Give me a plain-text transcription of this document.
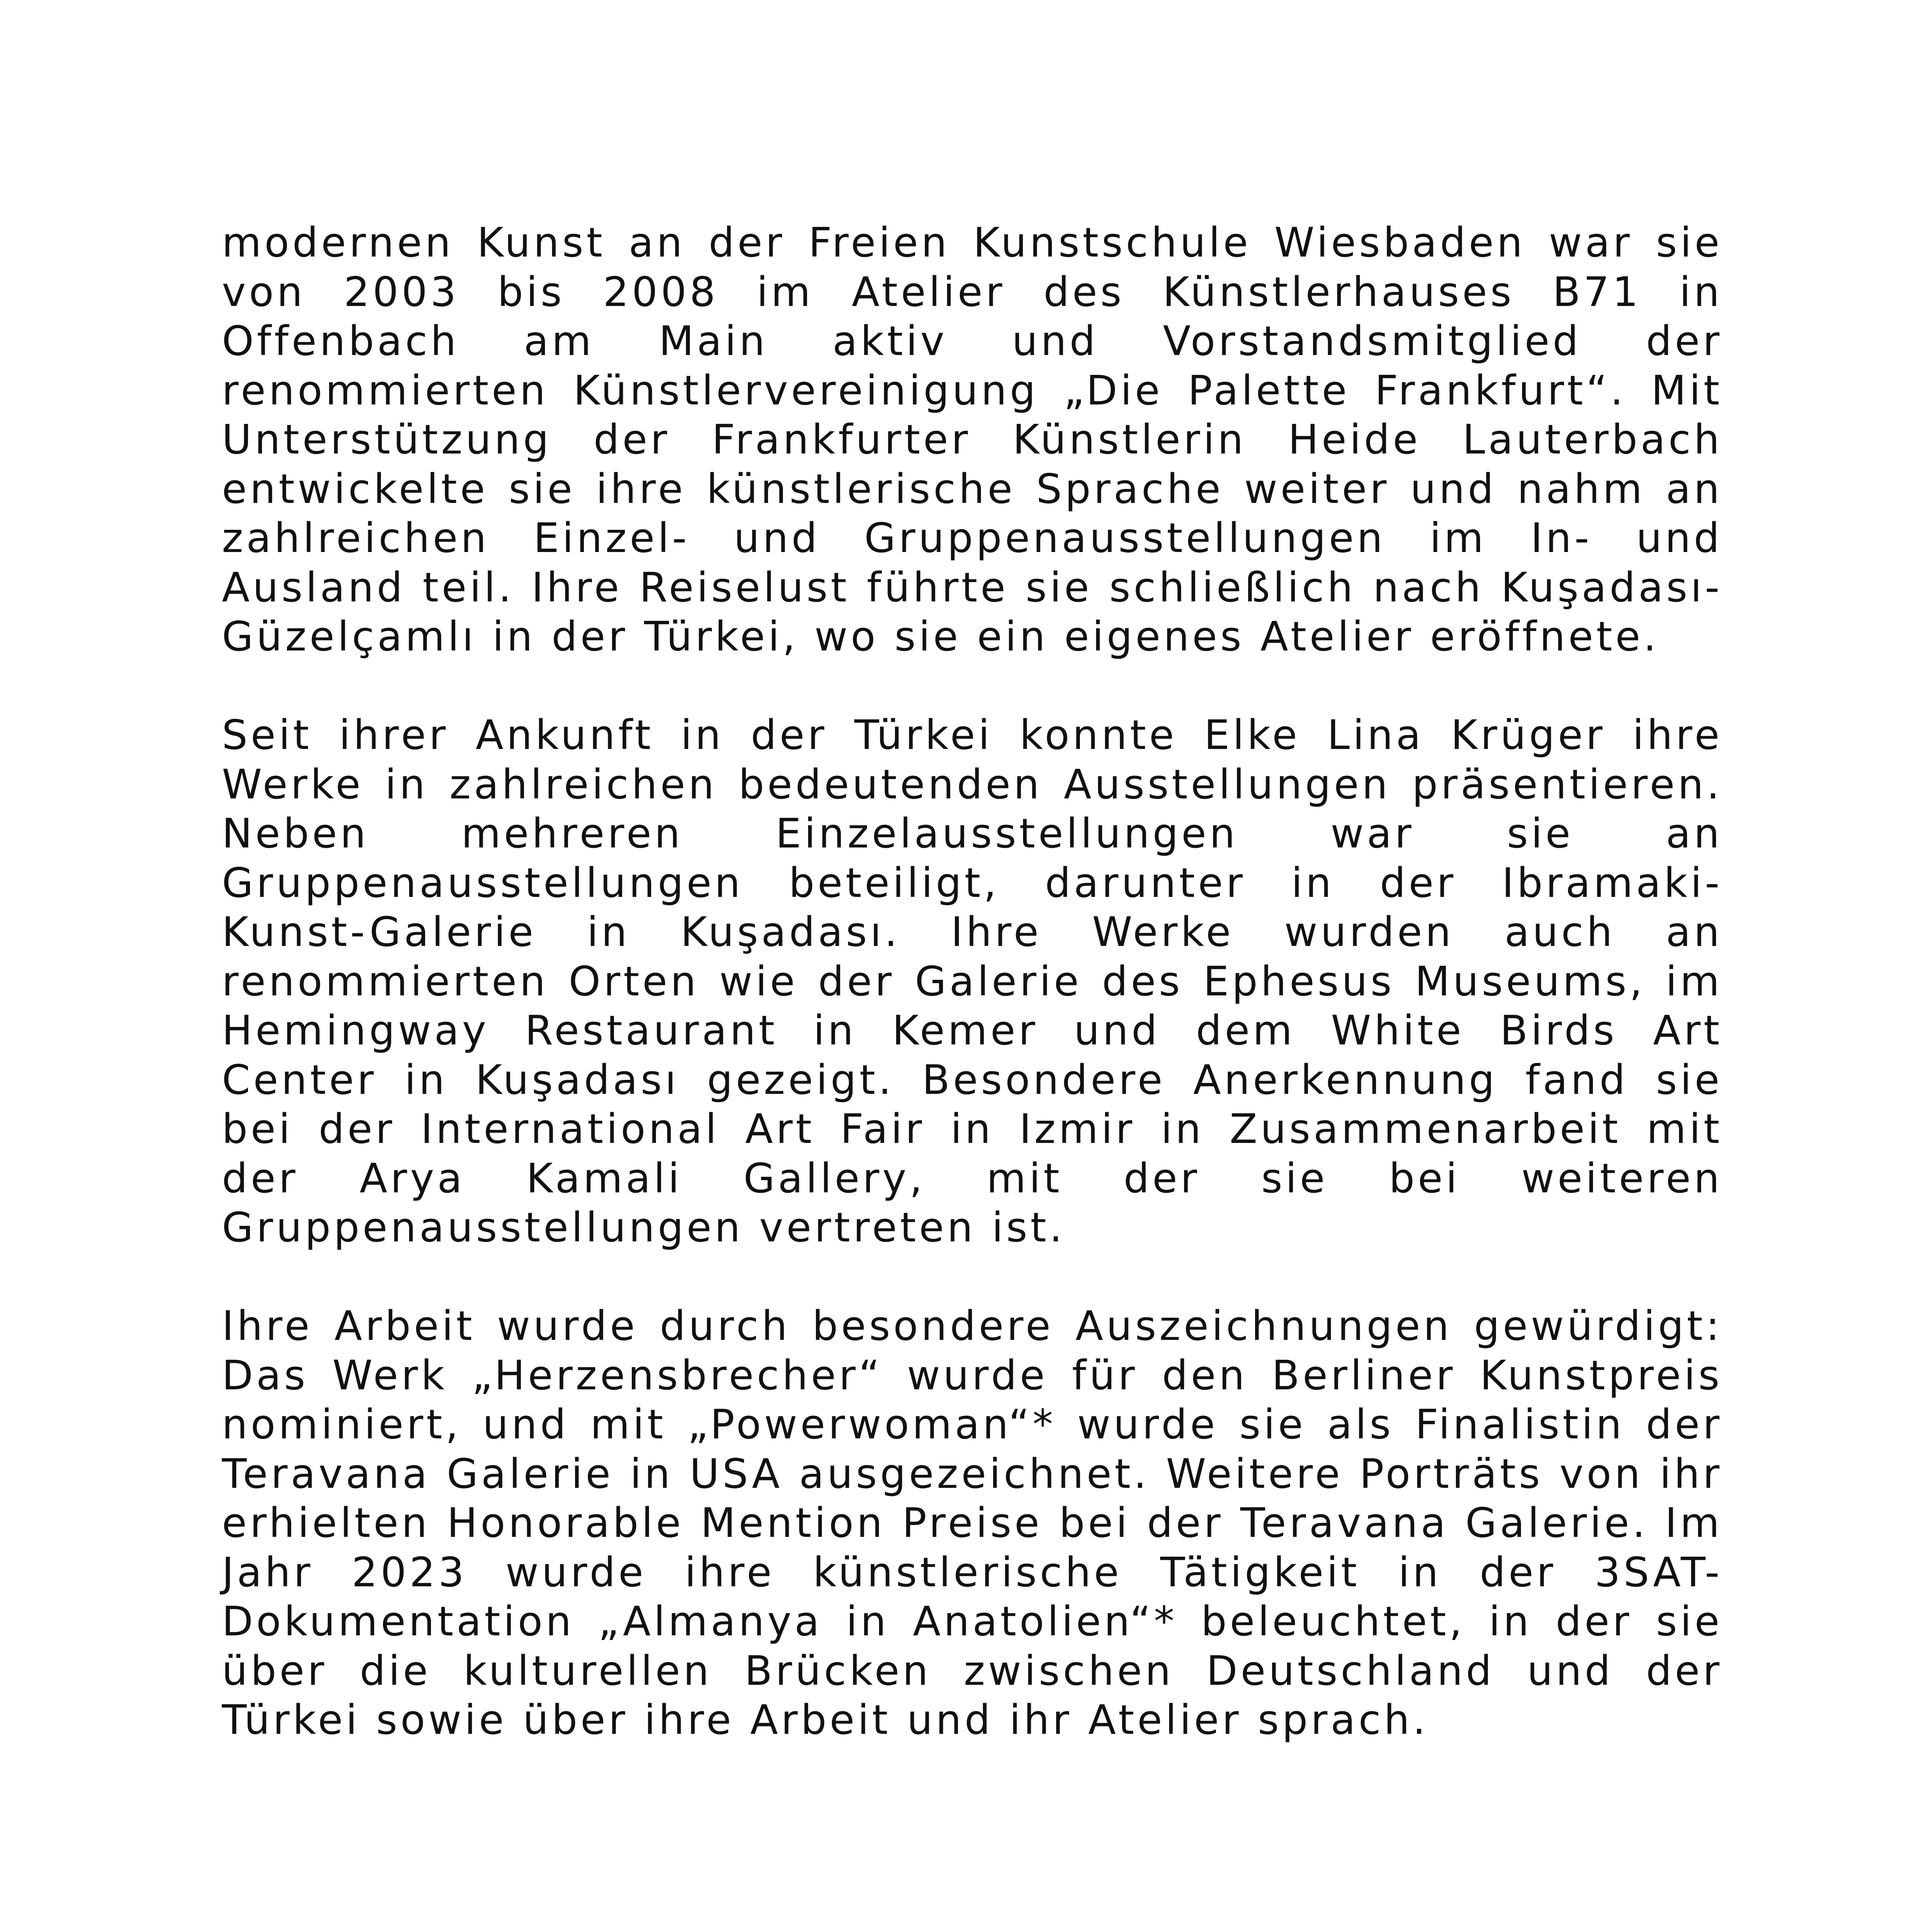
modernen Kunst an der Freien Kunstschule Wiesbaden war sie von 2003 bis 2008 im Atelier des Künstlerhauses B71 in Offenbach am Main aktiv und Vorstandsmitglied der renommierten Künstlervereinigung „Die Palette Frankfurt“. Mit Unterstützung der Frankfurter Künstlerin Heide Lauterbach entwickelte sie ihre künstlerische Sprache weiter und nahm an zahlreichen Einzel- und Gruppenausstellungen im In- und Ausland teil. Ihre Reiselust führte sie schließlich nach Kuşadası-Güzelçamlı in der Türkei, wo sie ein eigenes Atelier eröffnete.

Seit ihrer Ankunft in der Türkei konnte Elke Lina Krüger ihre Werke in zahlreichen bedeutenden Ausstellungen präsentieren. Neben mehreren Einzelausstellungen war sie an Gruppenausstellungen beteiligt, darunter in der Ibramaki-Kunst-Galerie in Kuşadası. Ihre Werke wurden auch an renommierten Orten wie der Galerie des Ephesus Museums, im Hemingway Restaurant in Kemer und dem White Birds Art Center in Kuşadası gezeigt. Besondere Anerkennung fand sie bei der International Art Fair in Izmir in Zusammenarbeit mit der Arya Kamali Gallery, mit der sie bei weiteren Gruppenausstellungen vertreten ist.

Ihre Arbeit wurde durch besondere Auszeichnungen gewürdigt: Das Werk „Herzensbrecher“ wurde für den Berliner Kunstpreis nominiert, und mit „Powerwoman“* wurde sie als Finalistin der Teravana Galerie in USA ausgezeichnet. Weitere Porträts von ihr erhielten Honorable Mention Preise bei der Teravana Galerie. Im Jahr 2023 wurde ihre künstlerische Tätigkeit in der 3SAT-Dokumentation „Almanya in Anatolien“* beleuchtet, in der sie über die kulturellen Brücken zwischen Deutschland und der Türkei sowie über ihre Arbeit und ihr Atelier sprach.
